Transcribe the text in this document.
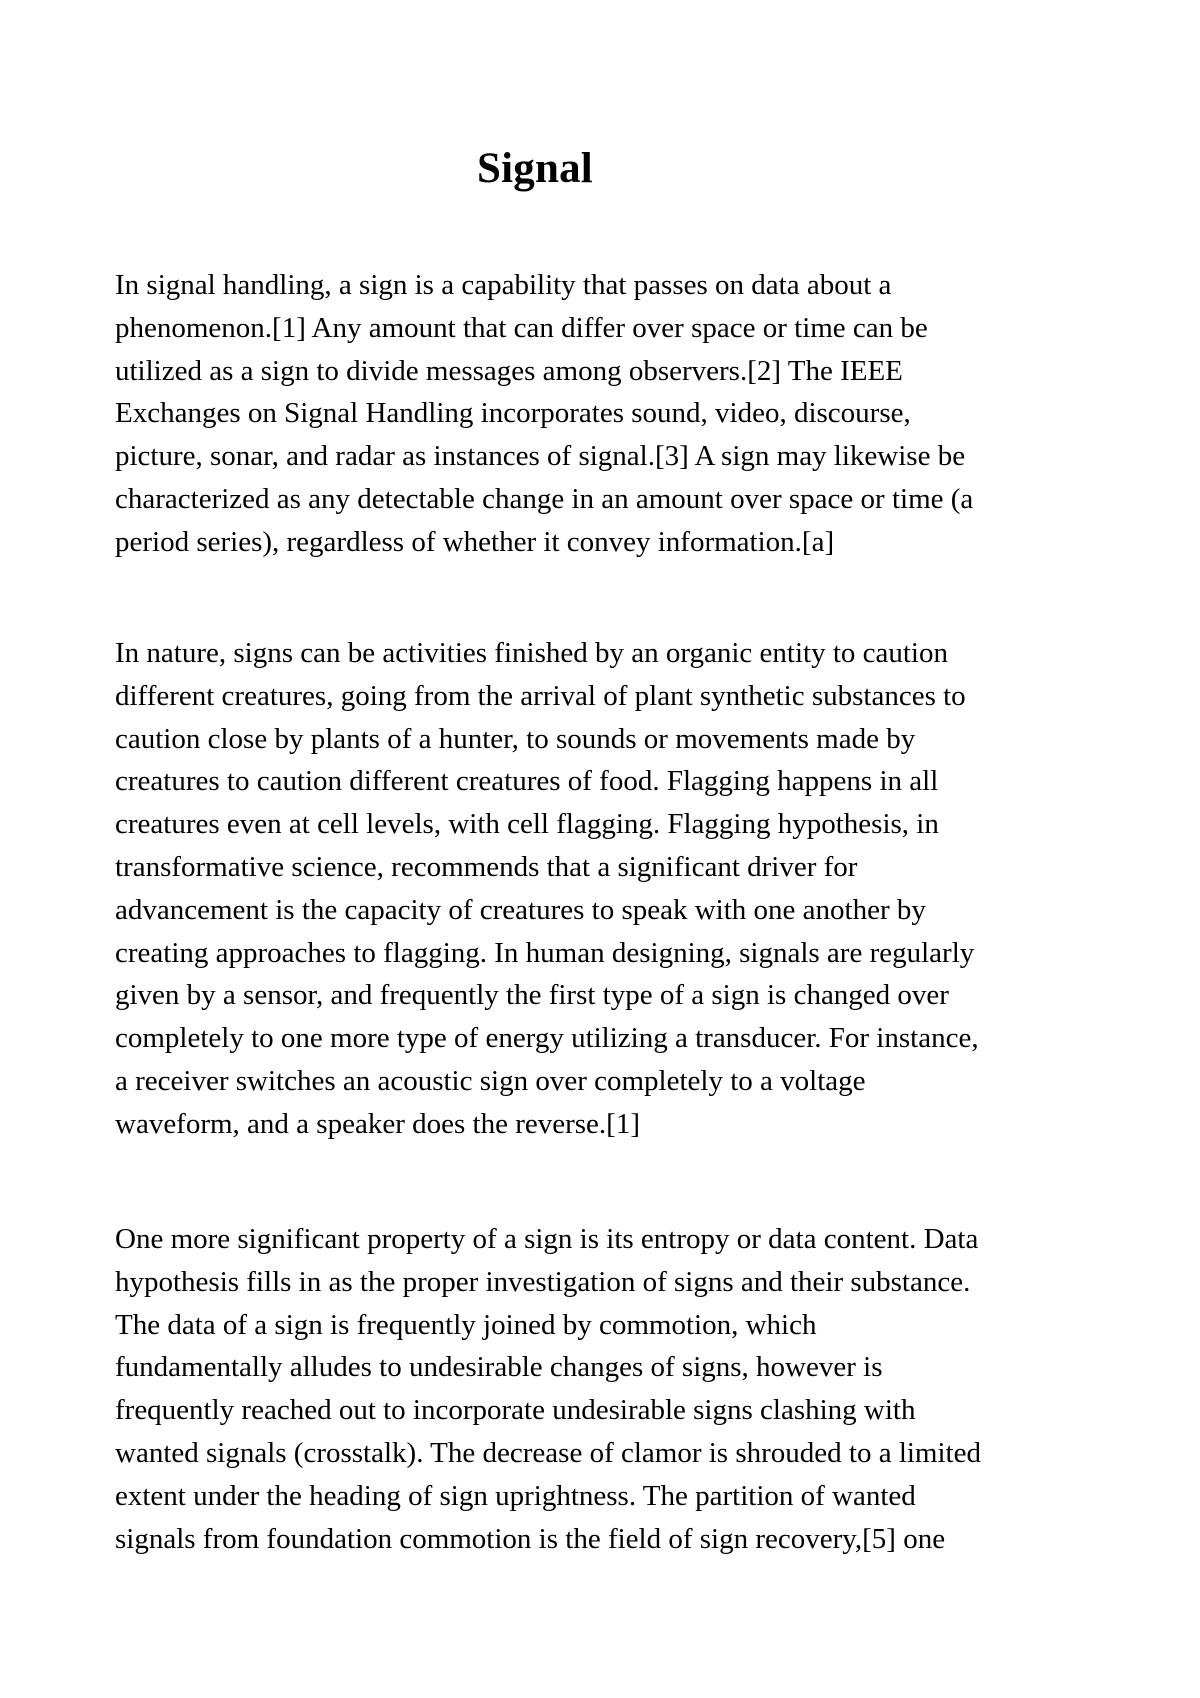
Signal

In signal handling, a sign is a capability that passes on data about a
phenomenon.[1] Any amount that can differ over space or time can be
utilized as a sign to divide messages among observers.[2] The IEEE
Exchanges on Signal Handling incorporates sound, video, discourse,
picture, sonar, and radar as instances of signal.[3] A sign may likewise be
characterized as any detectable change in an amount over space or time (a
period series), regardless of whether it convey information.[a]

In nature, signs can be activities finished by an organic entity to caution
different creatures, going from the arrival of plant synthetic substances to
caution close by plants of a hunter, to sounds or movements made by
creatures to caution different creatures of food. Flagging happens in all
creatures even at cell levels, with cell flagging. Flagging hypothesis, in
transformative science, recommends that a significant driver for
advancement is the capacity of creatures to speak with one another by
creating approaches to flagging. In human designing, signals are regularly
given by a sensor, and frequently the first type of a sign is changed over
completely to one more type of energy utilizing a transducer. For instance,
a receiver switches an acoustic sign over completely to a voltage
waveform, and a speaker does the reverse.[1]

One more significant property of a sign is its entropy or data content. Data
hypothesis fills in as the proper investigation of signs and their substance.
The data of a sign is frequently joined by commotion, which
fundamentally alludes to undesirable changes of signs, however is
frequently reached out to incorporate undesirable signs clashing with
wanted signals (crosstalk). The decrease of clamor is shrouded to a limited
extent under the heading of sign uprightness. The partition of wanted
signals from foundation commotion is the field of sign recovery,[5] one
